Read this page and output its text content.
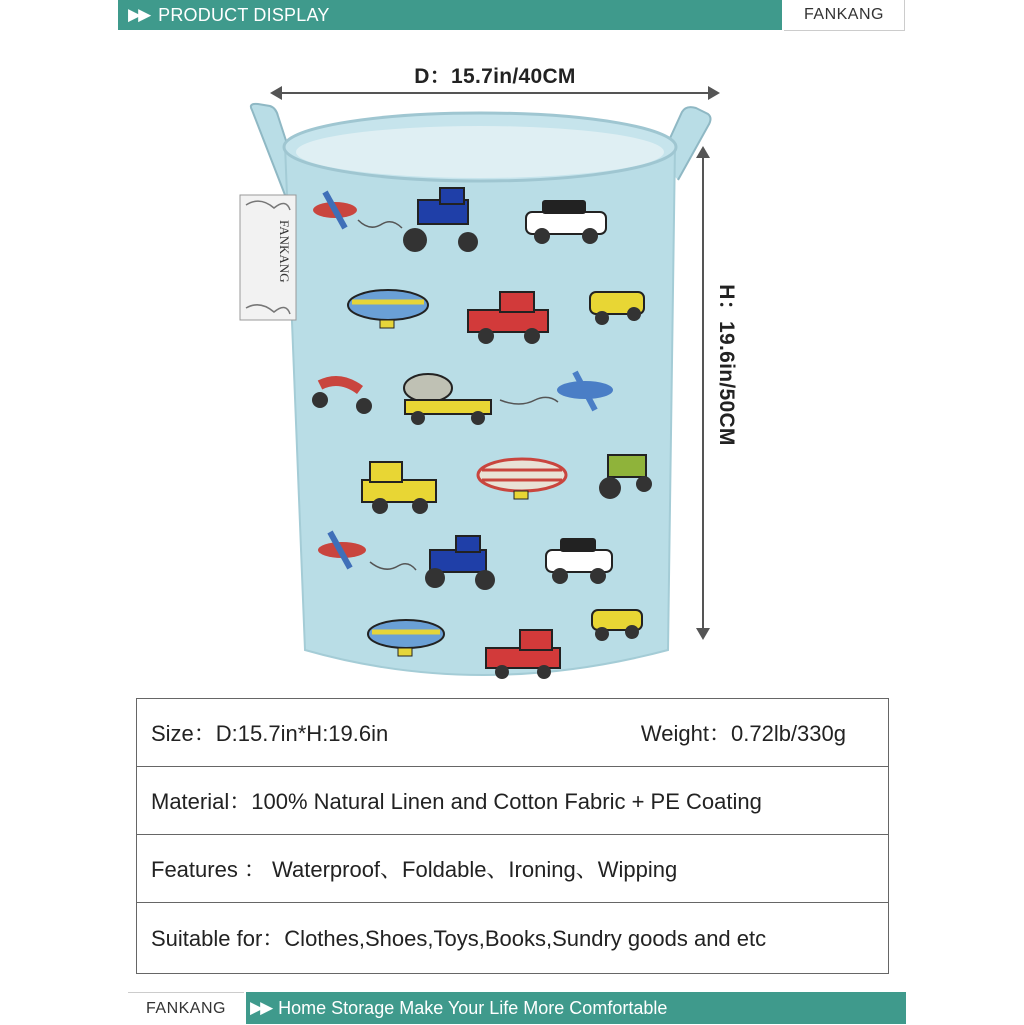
▶▶ PRODUCT DISPLAY	FANKANG
D：15.7in/40CM
H：19.6in/50CM
FANKANG
Size：D:15.7in*H:19.6in	Weight：0.72lb/330g
Material：100% Natural Linen and Cotton Fabric + PE Coating
Features ： Waterproof、Foldable、Ironing、Wipping
Suitable for：Clothes,Shoes,Toys,Books,Sundry goods and etc
FANKANG	▶▶ Home Storage Make Your Life More Comfortable
